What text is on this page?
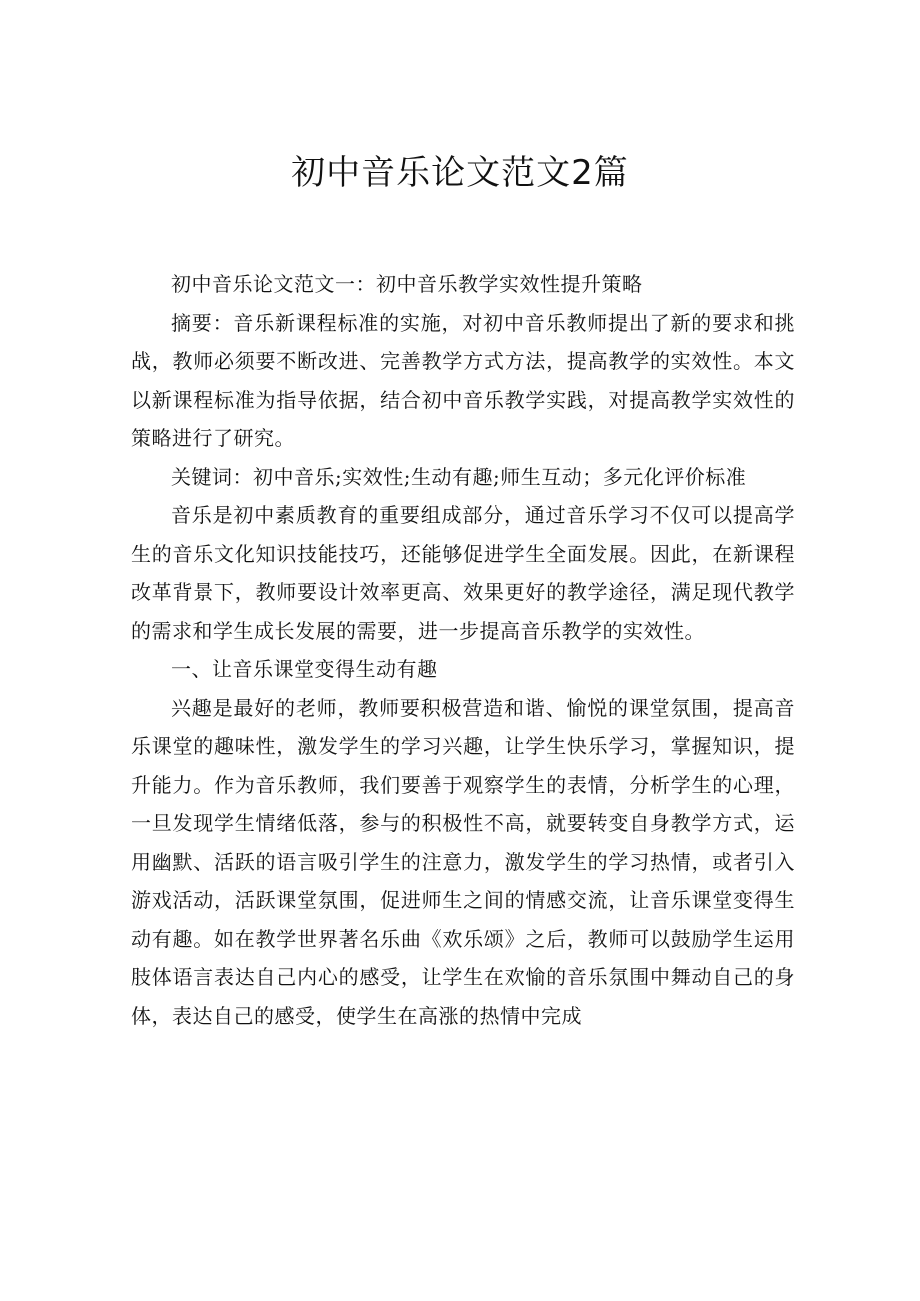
初中音乐论文范文2篇

初中音乐论文范文一：初中音乐教学实效性提升策略

摘要：音乐新课程标准的实施，对初中音乐教师提出了新的要求和挑战，教师必须要不断改进、完善教学方式方法，提高教学的实效性。本文以新课程标准为指导依据，结合初中音乐教学实践，对提高教学实效性的策略进行了研究。

关键词：初中音乐;实效性;生动有趣;师生互动；多元化评价标准

音乐是初中素质教育的重要组成部分，通过音乐学习不仅可以提高学生的音乐文化知识技能技巧，还能够促进学生全面发展。因此，在新课程改革背景下，教师要设计效率更高、效果更好的教学途径，满足现代教学的需求和学生成长发展的需要，进一步提高音乐教学的实效性。

一、让音乐课堂变得生动有趣

兴趣是最好的老师，教师要积极营造和谐、愉悦的课堂氛围，提高音乐课堂的趣味性，激发学生的学习兴趣，让学生快乐学习，掌握知识，提升能力。作为音乐教师，我们要善于观察学生的表情，分析学生的心理，一旦发现学生情绪低落，参与的积极性不高，就要转变自身教学方式，运用幽默、活跃的语言吸引学生的注意力，激发学生的学习热情，或者引入游戏活动，活跃课堂氛围，促进师生之间的情感交流，让音乐课堂变得生动有趣。如在教学世界著名乐曲《欢乐颂》之后，教师可以鼓励学生运用肢体语言表达自己内心的感受，让学生在欢愉的音乐氛围中舞动自己的身体，表达自己的感受，使学生在高涨的热情中完成
